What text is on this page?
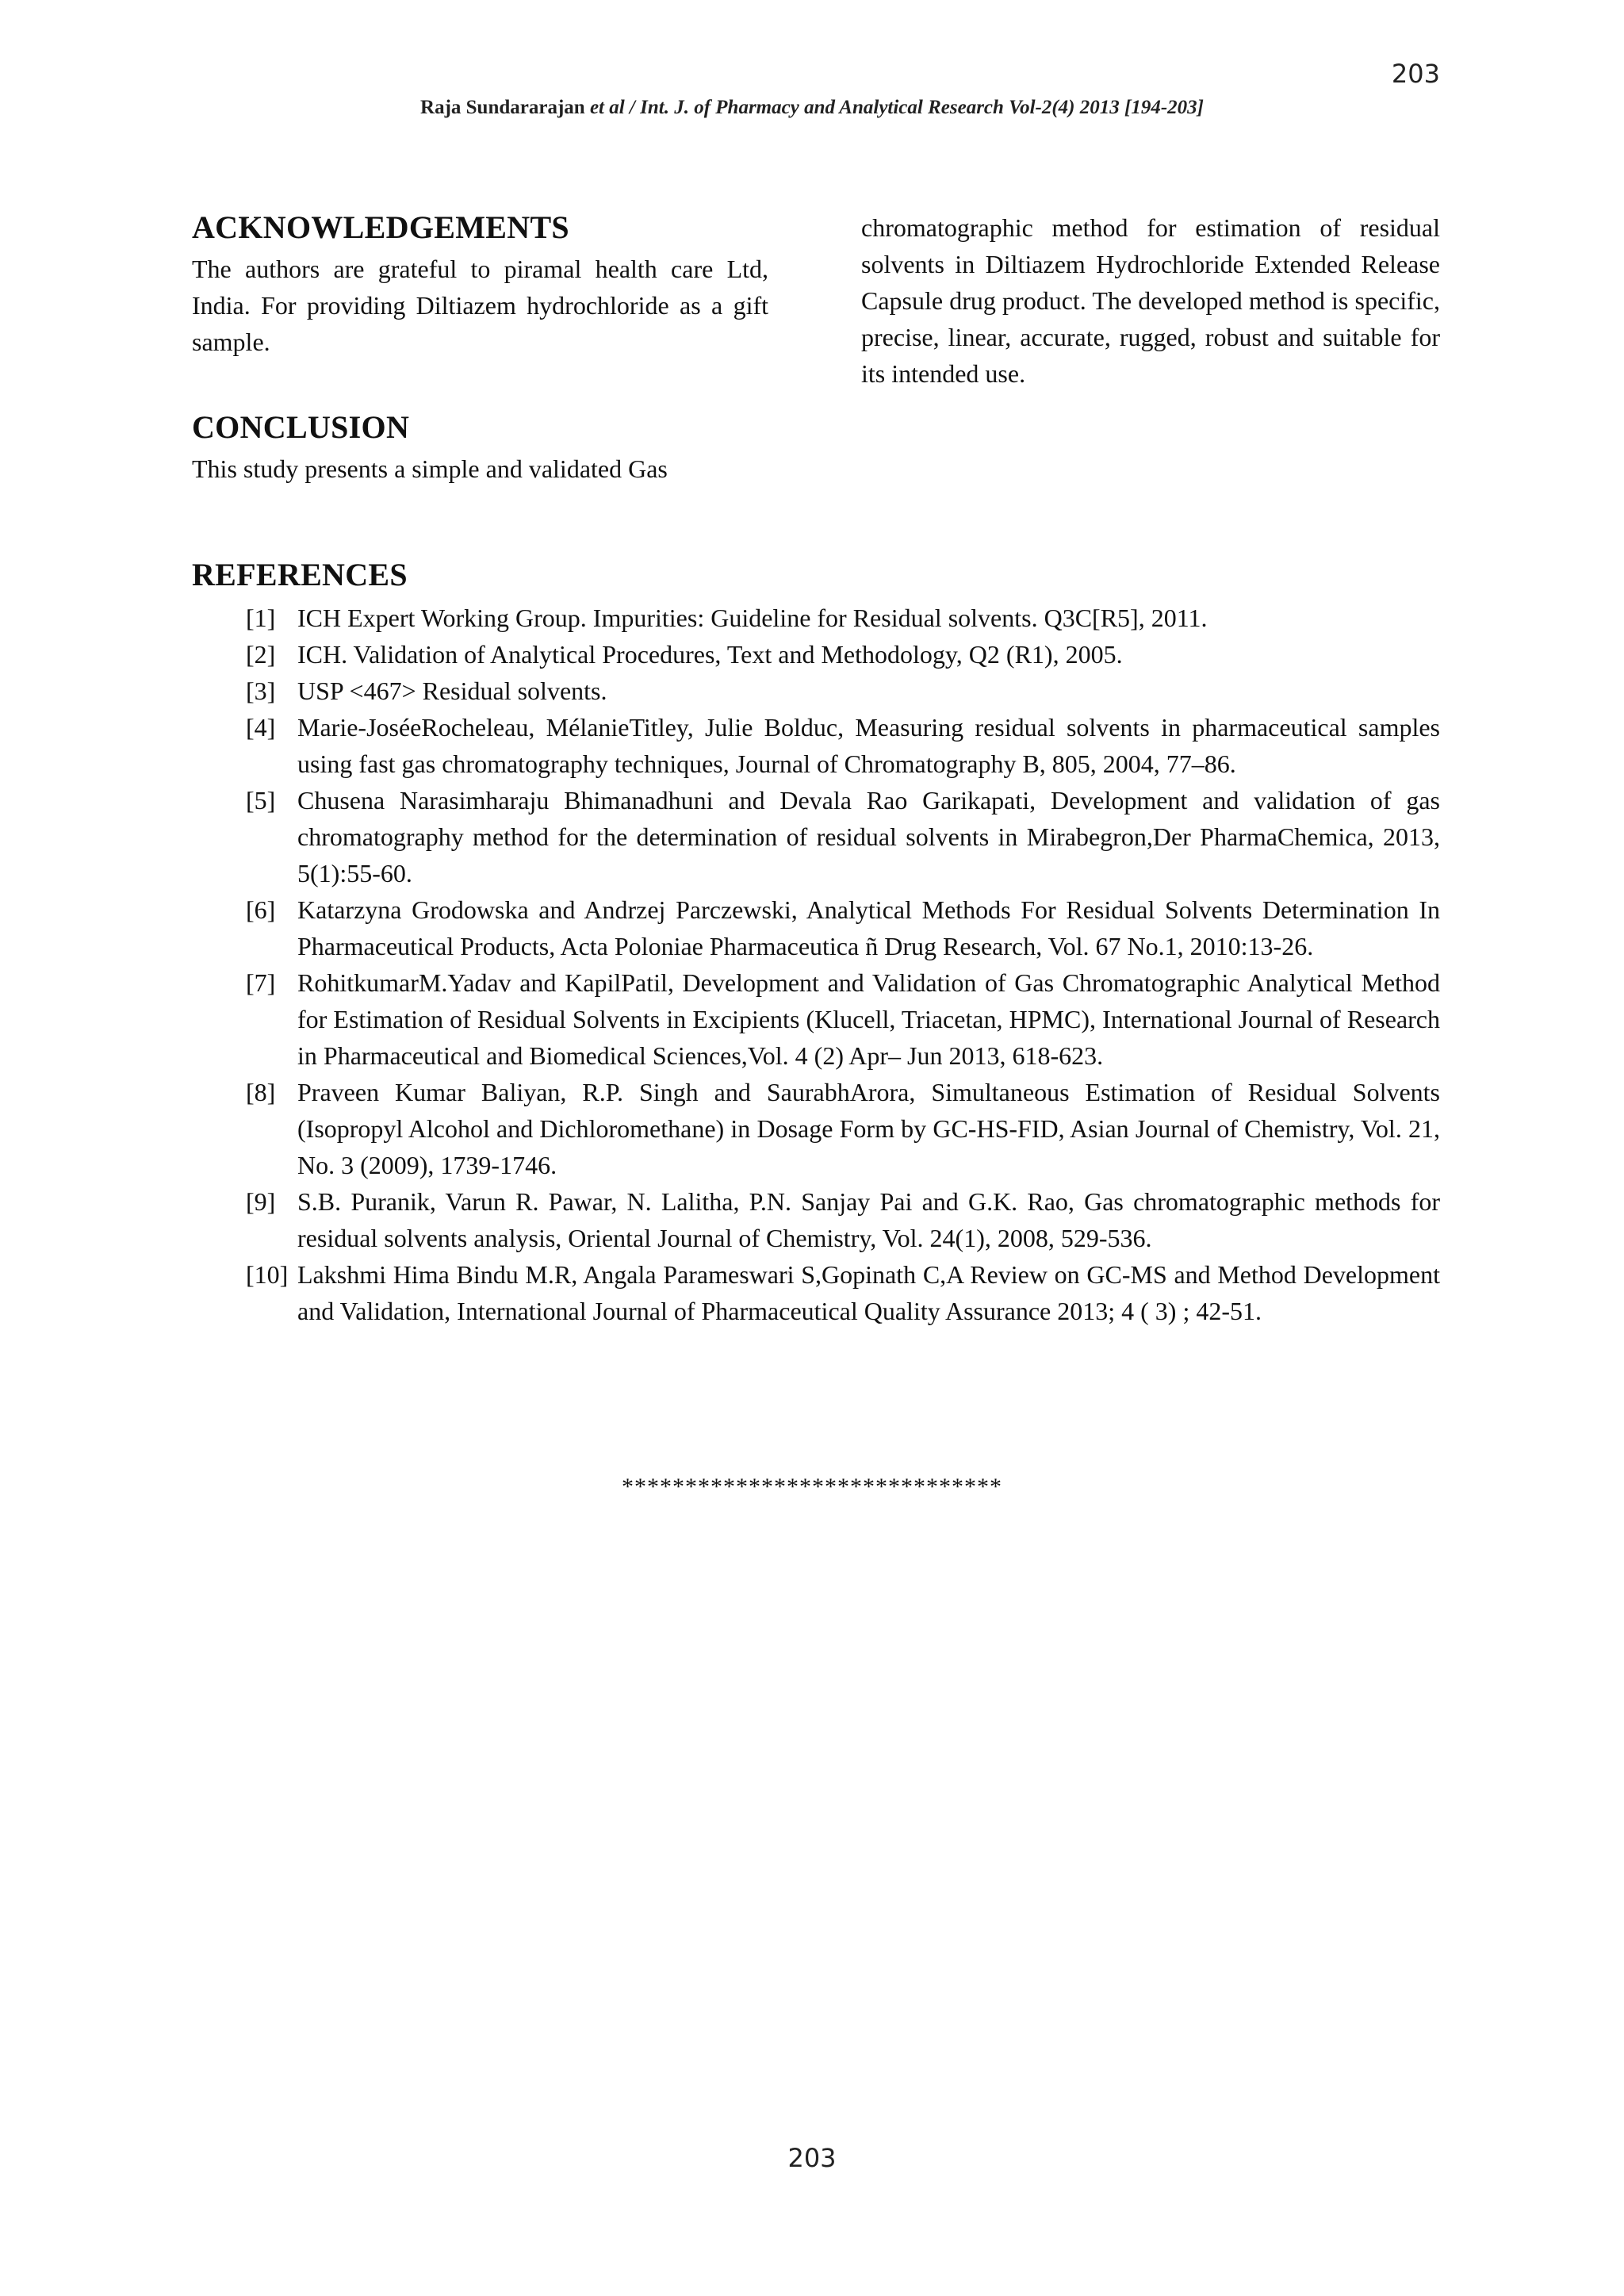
203
Raja Sundararajan et al / Int. J. of Pharmacy and Analytical Research Vol-2(4) 2013 [194-203]
ACKNOWLEDGEMENTS

The authors are grateful to piramal health care Ltd, India. For providing Diltiazem hydrochloride as a gift sample.

CONCLUSION

This study presents a simple and validated Gas

chromatographic method for estimation of residual solvents in Diltiazem Hydrochloride Extended Release Capsule drug product. The developed method is specific, precise, linear, accurate, rugged, robust and suitable for its intended use.

REFERENCES
[1] ICH Expert Working Group. Impurities: Guideline for Residual solvents. Q3C[R5], 2011.
[2] ICH. Validation of Analytical Procedures, Text and Methodology, Q2 (R1), 2005.
[3] USP <467> Residual solvents.
[4] Marie-JoséeRocheleau, MélanieTitley, Julie Bolduc, Measuring residual solvents in pharmaceutical samples using fast gas chromatography techniques, Journal of Chromatography B, 805, 2004, 77–86.
[5] Chusena Narasimharaju Bhimanadhuni and Devala Rao Garikapati, Development and validation of gas chromatography method for the determination of residual solvents in Mirabegron,Der PharmaChemica, 2013, 5(1):55-60.
[6] Katarzyna Grodowska and Andrzej Parczewski, Analytical Methods For Residual Solvents Determination In Pharmaceutical Products, Acta Poloniae Pharmaceutica ñ Drug Research, Vol. 67 No.1, 2010:13-26.
[7] RohitkumarM.Yadav and KapilPatil, Development and Validation of Gas Chromatographic Analytical Method for Estimation of Residual Solvents in Excipients (Klucell, Triacetan, HPMC), International Journal of Research in Pharmaceutical and Biomedical Sciences,Vol. 4 (2) Apr– Jun 2013, 618-623.
[8] Praveen Kumar Baliyan, R.P. Singh and SaurabhArora, Simultaneous Estimation of Residual Solvents (Isopropyl Alcohol and Dichloromethane) in Dosage Form by GC-HS-FID, Asian Journal of Chemistry, Vol. 21, No. 3 (2009), 1739-1746.
[9] S.B. Puranik, Varun R. Pawar, N. Lalitha, P.N. Sanjay Pai and G.K. Rao, Gas chromatographic methods for residual solvents analysis, Oriental Journal of Chemistry, Vol. 24(1), 2008, 529-536.
[10] Lakshmi Hima Bindu M.R, Angala Parameswari S,Gopinath C,A Review on GC-MS and Method Development and Validation, International Journal of Pharmaceutical Quality Assurance 2013; 4 ( 3) ; 42-51.
******************************
203
